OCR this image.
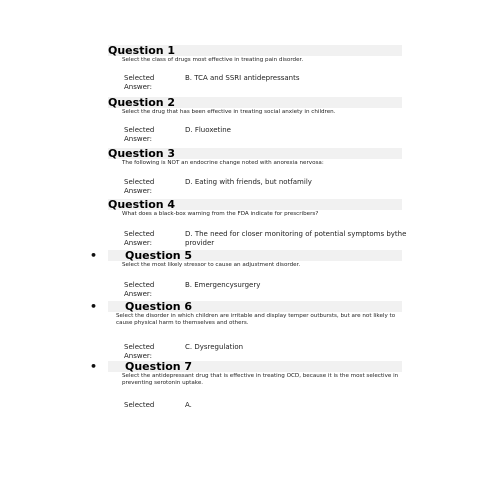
Question 1
Select the class of drugs most effective in treating pain disorder.
Selected
Answer:
B. TCA and SSRI antidepressants
Question 2
Select the drug that has been effective in treating social anxiety in children.
Selected
Answer:
D. Fluoxetine
Question 3
The following is NOT an endocrine change noted with anorexia nervosa:
Selected
Answer:
D. Eating with friends, but notfamily
Question 4
What does a black-box warning from the FDA indicate for prescribers?
Selected
Answer:
D. The need for closer monitoring of potential symptoms bythe provider
•	Question 5
Select the most likely stressor to cause an adjustment disorder.
Selected
Answer:
B. Emergencysurgery
•	Question 6
Select the disorder in which children are irritable and display temper outbursts, but are not likely to cause physical harm to themselves and others.
Selected
Answer:
C. Dysregulation
•	Question 7
Select the antidepressant drug that is effective in treating OCD, because it is the most selective in preventing serotonin uptake.
Selected	A.
